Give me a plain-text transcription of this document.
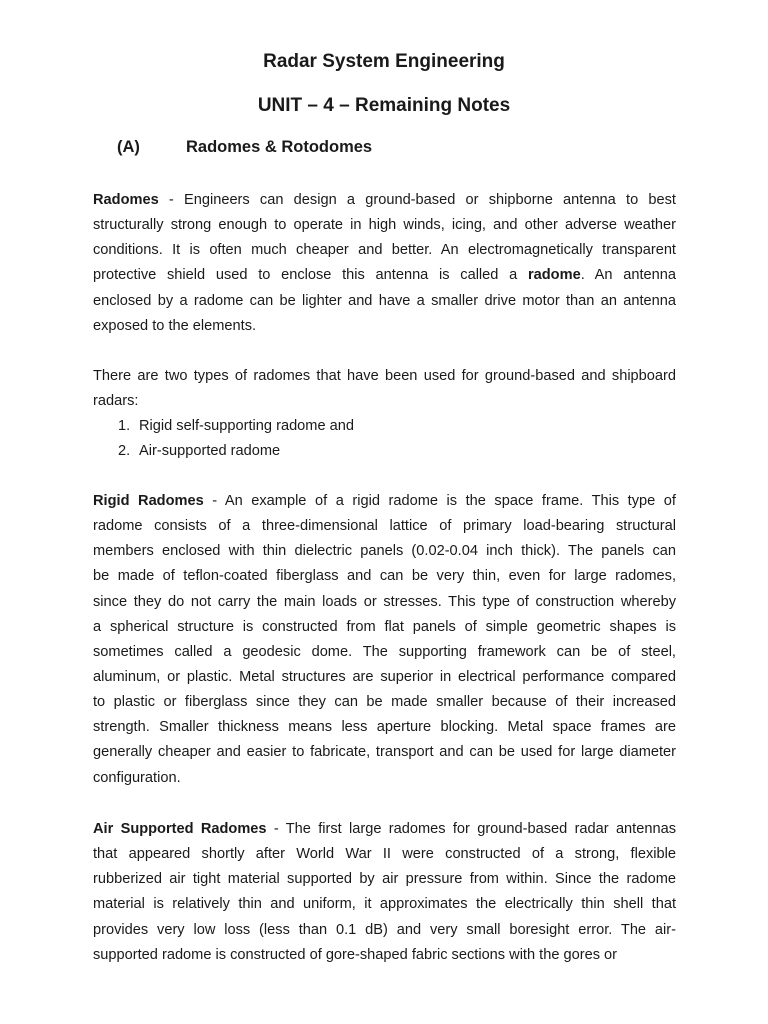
Radar System Engineering
UNIT – 4 – Remaining Notes
(A)	Radomes & Rotodomes
Radomes - Engineers can design a ground-based or shipborne antenna to best
structurally strong enough to operate in high winds, icing, and other adverse weather
conditions. It is often much cheaper and better. An electromagnetically transparent
protective shield used to enclose this antenna is called a radome. An antenna
enclosed by a radome can be lighter and have a smaller drive motor than an antenna
exposed to the elements.
There are two types of radomes that have been used for ground-based and shipboard
radars:
1. Rigid self-supporting radome and
2. Air-supported radome
Rigid Radomes - An example of a rigid radome is the space frame. This type of
radome consists of a three-dimensional lattice of primary load-bearing structural
members enclosed with thin dielectric panels (0.02-0.04 inch thick). The panels can
be made of teflon-coated fiberglass and can be very thin, even for large radomes,
since they do not carry the main loads or stresses. This type of construction whereby
a spherical structure is constructed from flat panels of simple geometric shapes is
sometimes called a geodesic dome. The supporting framework can be of steel,
aluminum, or plastic. Metal structures are superior in electrical performance compared
to plastic or fiberglass since they can be made smaller because of their increased
strength. Smaller thickness means less aperture blocking. Metal space frames are
generally cheaper and easier to fabricate, transport and can be used for large diameter
configuration.
Air Supported Radomes - The first large radomes for ground-based radar antennas
that appeared shortly after World War II were constructed of a strong, flexible
rubberized air tight material supported by air pressure from within. Since the radome
material is relatively thin and uniform, it approximates the electrically thin shell that
provides very low loss (less than 0.1 dB) and very small boresight error. The air-
supported radome is constructed of gore-shaped fabric sections with the gores or
